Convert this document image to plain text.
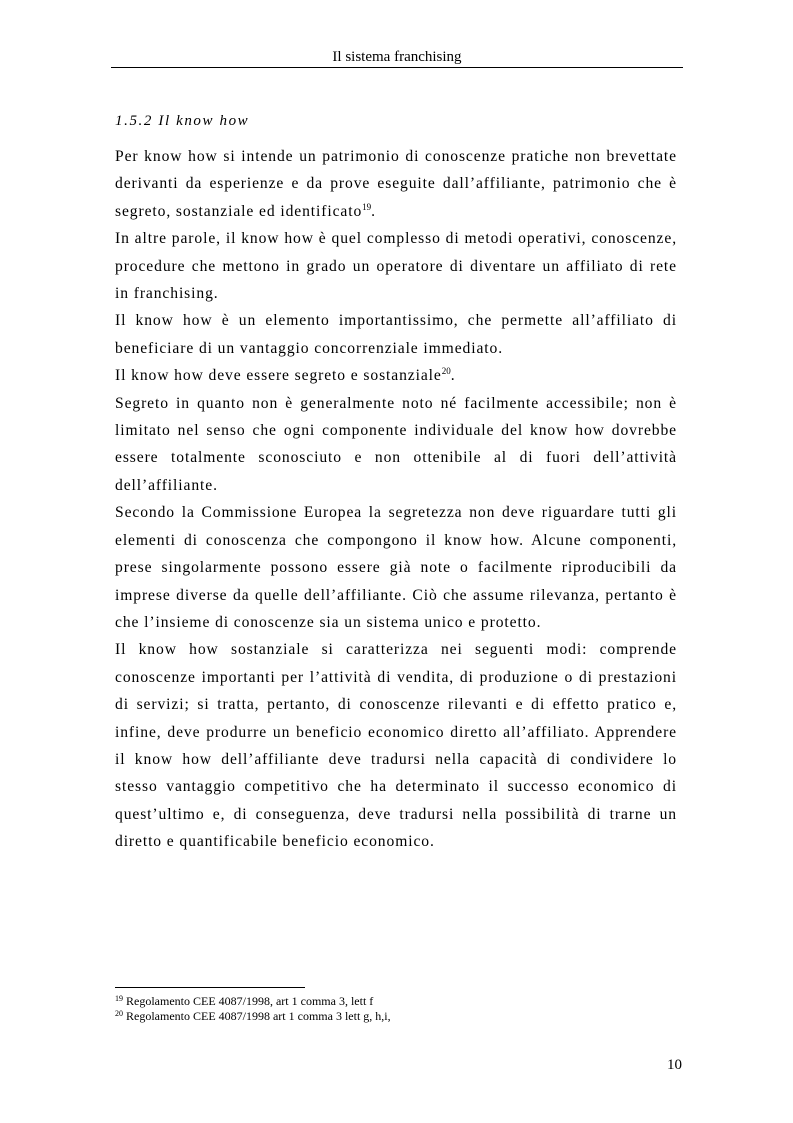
Il sistema franchising
1.5.2 Il know how

Per know how si intende un patrimonio di conoscenze pratiche non brevettate derivanti da esperienze e da prove eseguite dall’affiliante, patrimonio che è segreto, sostanziale ed identificato$^{19}$.

In altre parole, il know how è quel complesso di metodi operativi, conoscenze, procedure che mettono in grado un operatore di diventare un affiliato di rete in franchising.

Il know how è un elemento importantissimo, che permette all’affiliato di beneficiare di un vantaggio concorrenziale immediato.

Il know how deve essere segreto e sostanziale$^{20}$.

Segreto in quanto non è generalmente noto né facilmente accessibile; non è limitato nel senso che ogni componente individuale del know how dovrebbe essere totalmente sconosciuto e non ottenibile al di fuori dell’attività dell’affiliante.

Secondo la Commissione Europea la segretezza non deve riguardare tutti gli elementi di conoscenza che compongono il know how. Alcune componenti, prese singolarmente possono essere già note o facilmente riproducibili da imprese diverse da quelle dell’affiliante. Ciò che assume rilevanza, pertanto è che l’insieme di conoscenze sia un sistema unico e protetto.

Il know how sostanziale si caratterizza nei seguenti modi: comprende conoscenze importanti per l’attività di vendita, di produzione o di prestazioni di servizi; si tratta, pertanto, di conoscenze rilevanti e di effetto pratico e, infine, deve produrre un beneficio economico diretto all’affiliato. Apprendere il know how dell’affiliante deve tradursi nella capacità di condividere lo stesso vantaggio competitivo che ha determinato il successo economico di quest’ultimo e, di conseguenza, deve tradursi nella possibilità di trarne un diretto e quantificabile beneficio economico.

$^{19}$ Regolamento CEE 4087/1998, art 1 comma 3, lett f
$^{20}$ Regolamento CEE 4087/1998 art 1 comma 3 lett g, h,i,
10
